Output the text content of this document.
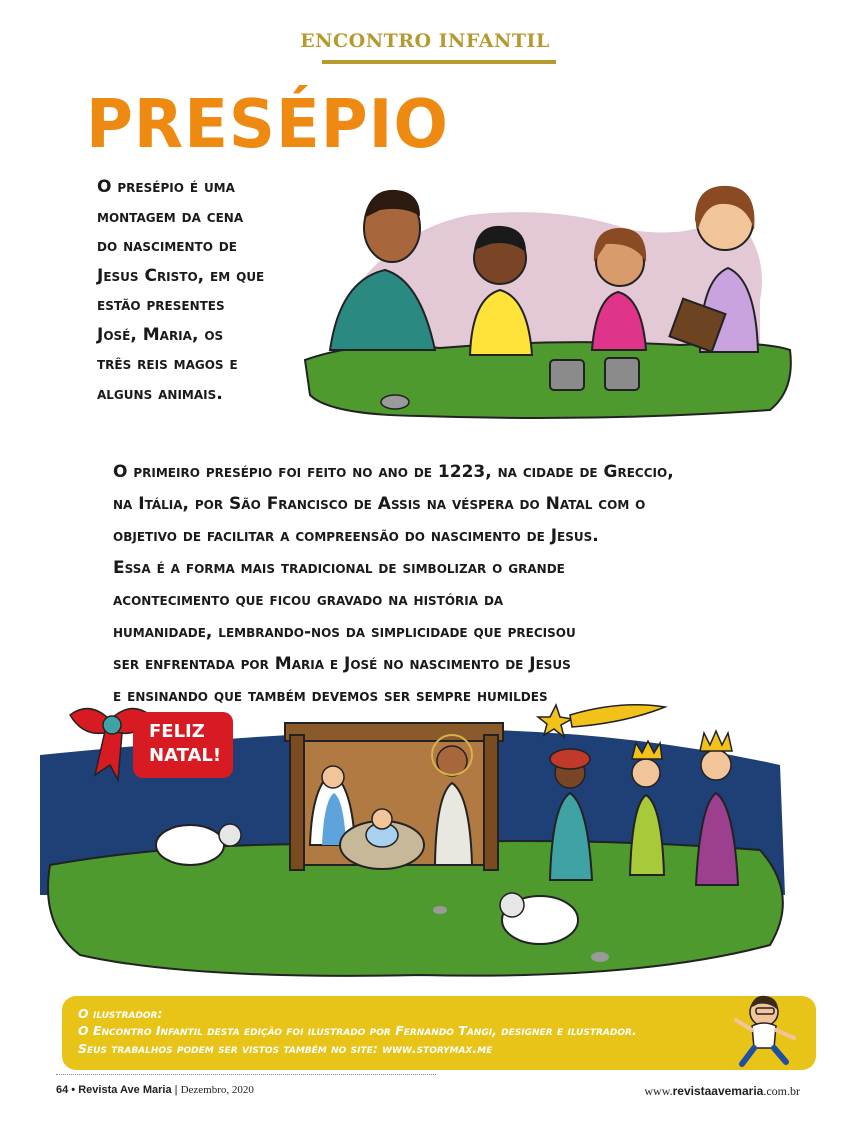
ENCONTRO INFANTIL
PRESÉPIO

O presépio é uma

montagem da cena

do nascimento de

Jesus Cristo, em que

estão presentes

José, Maria, os

três reis magos e

alguns animais.

O primeiro presépio foi feito no ano de 1223, na cidade de Greccio,

na Itália, por São Francisco de Assis na véspera do Natal com o

objetivo de facilitar a compreensão do nascimento de Jesus.

Essa é a forma mais tradicional de simbolizar o grande

acontecimento que ficou gravado na história da

humanidade, lembrando-nos da simplicidade que precisou

ser enfrentada por Maria e José no nascimento de Jesus

e ensinando que também devemos ser sempre humildes

FELIZ
NATAL!
O ilustrador:
O Encontro Infantil desta edição foi ilustrado por Fernando Tangi, designer e ilustrador.
Seus trabalhos podem ser vistos também no site: www.storymax.me
64 • Revista Ave Maria | Dezembro, 2020	www.revistaavemaria.com.br
